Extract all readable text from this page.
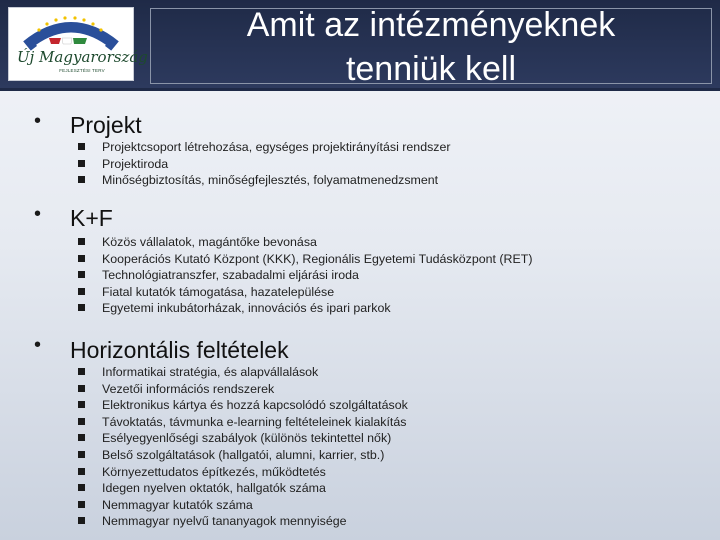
Új Magyarország
FEJLESZTÉSI TERV
Amit az intézményeknek
tenniük kell
• Projekt
Projektcsoport létrehozása, egységes projektirányítási rendszer
Projektiroda
Minőségbiztosítás, minőségfejlesztés, folyamatmenedzsment
• K+F
Közös vállalatok, magántőke bevonása
Kooperációs Kutató Központ (KKK), Regionális Egyetemi Tudásközpont (RET)
Technológiatranszfer, szabadalmi eljárási iroda
Fiatal kutatók támogatása, hazatelepülése
Egyetemi inkubátorházak, innovációs és ipari parkok
• Horizontális feltételek
Informatikai stratégia, és alapvállalások
Vezetői információs rendszerek
Elektronikus kártya és hozzá kapcsolódó szolgáltatások
Távoktatás, távmunka e-learning feltételeinek kialakítás
Esélyegyenlőségi szabályok (különös tekintettel nők)
Belső szolgáltatások (hallgatói, alumni, karrier, stb.)
Környezettudatos építkezés, működtetés
Idegen nyelven oktatók, hallgatók száma
Nemmagyar kutatók száma
Nemmagyar nyelvű tananyagok mennyisége
